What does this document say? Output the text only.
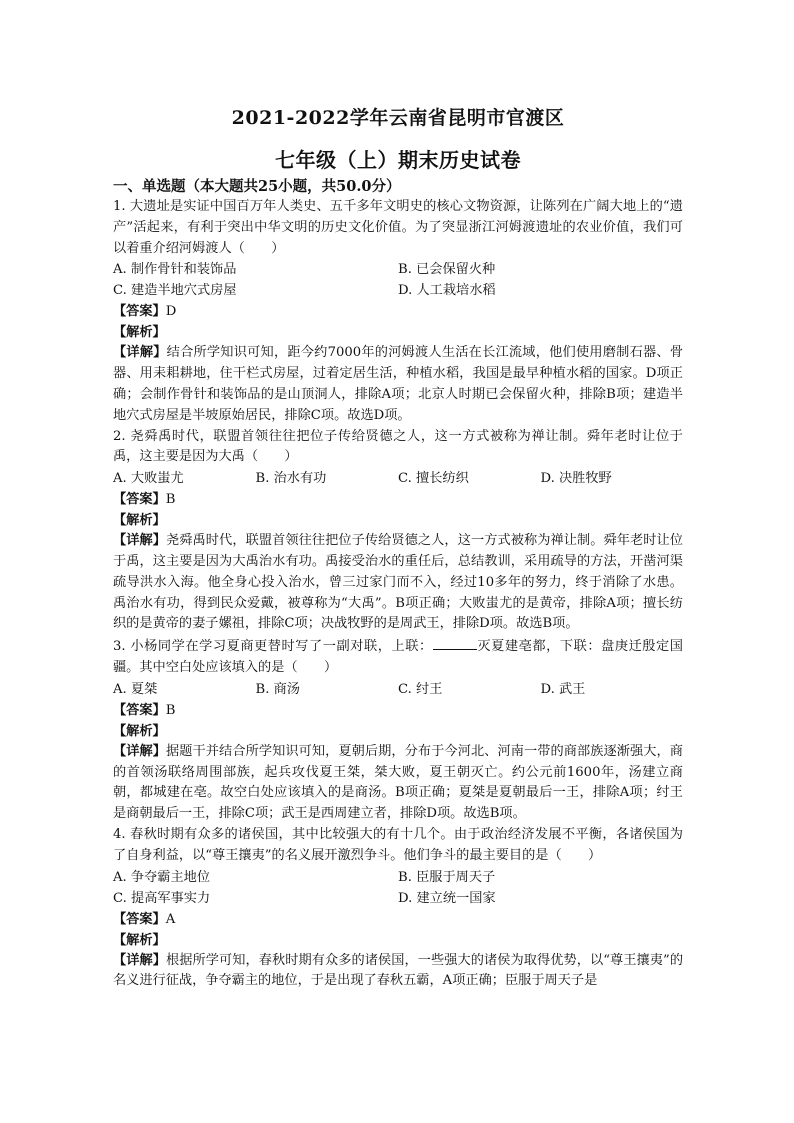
2021-2022学年云南省昆明市官渡区
七年级（上）期末历史试卷
一、单选题（本大题共25小题，共50.0分）
1. 大遗址是实证中国百万年人类史、五千多年文明史的核心文物资源，让陈列在广阔大地上的“遗产”活起来，有利于突出中华文明的历史文化价值。为了突显浙江河姆渡遗址的农业价值，我们可以着重介绍河姆渡人（　　）
A. 制作骨针和装饰品	B. 已会保留火种
C. 建造半地穴式房屋	D. 人工栽培水稻
【答案】D
【解析】
【详解】结合所学知识可知，距今约7000年的河姆渡人生活在长江流域，他们使用磨制石器、骨器、用耒耜耕地，住干栏式房屋，过着定居生活，种植水稻，我国是最早种植水稻的国家。D项正确；会制作骨针和装饰品的是山顶洞人，排除A项；北京人时期已会保留火种，排除B项；建造半地穴式房屋是半坡原始居民，排除C项。故选D项。
2. 尧舜禹时代，联盟首领往往把位子传给贤德之人，这一方式被称为禅让制。舜年老时让位于禹，这主要是因为大禹（　　）
A. 大败蚩尤	B. 治水有功	C. 擅长纺织	D. 决胜牧野
【答案】B
【解析】
【详解】尧舜禹时代，联盟首领往往把位子传给贤德之人，这一方式被称为禅让制。舜年老时让位于禹，这主要是因为大禹治水有功。禹接受治水的重任后，总结教训，采用疏导的方法，开凿河渠疏导洪水入海。他全身心投入治水，曾三过家门而不入，经过10多年的努力，终于消除了水患。禹治水有功，得到民众爱戴，被尊称为“大禹”。B项正确；大败蚩尤的是黄帝，排除A项；擅长纺织的是黄帝的妻子嫘祖，排除C项；决战牧野的是周武王，排除D项。故选B项。
3. 小杨同学在学习夏商更替时写了一副对联，上联：	灭夏建亳都，下联：盘庚迁殷定国疆。其中空白处应该填入的是（　　）
A. 夏桀	B. 商汤	C. 纣王	D. 武王
【答案】B
【解析】
【详解】据题干并结合所学知识可知，夏朝后期，分布于今河北、河南一带的商部族逐渐强大，商的首领汤联络周围部族，起兵攻伐夏王桀，桀大败，夏王朝灭亡。约公元前1600年，汤建立商朝，都城建在亳。故空白处应该填入的是商汤。B项正确；夏桀是夏朝最后一王，排除A项；纣王是商朝最后一王，排除C项；武王是西周建立者，排除D项。故选B项。
4. 春秋时期有众多的诸侯国，其中比较强大的有十几个。由于政治经济发展不平衡，各诸侯国为了自身利益，以“尊王攘夷”的名义展开激烈争斗。他们争斗的最主要目的是（　　）
A. 争夺霸主地位	B. 臣服于周天子
C. 提高军事实力	D. 建立统一国家
【答案】A
【解析】
【详解】根据所学可知，春秋时期有众多的诸侯国，一些强大的诸侯为取得优势，以“尊王攘夷”的名义进行征战，争夺霸主的地位，于是出现了春秋五霸，A项正确；臣服于周天子是
